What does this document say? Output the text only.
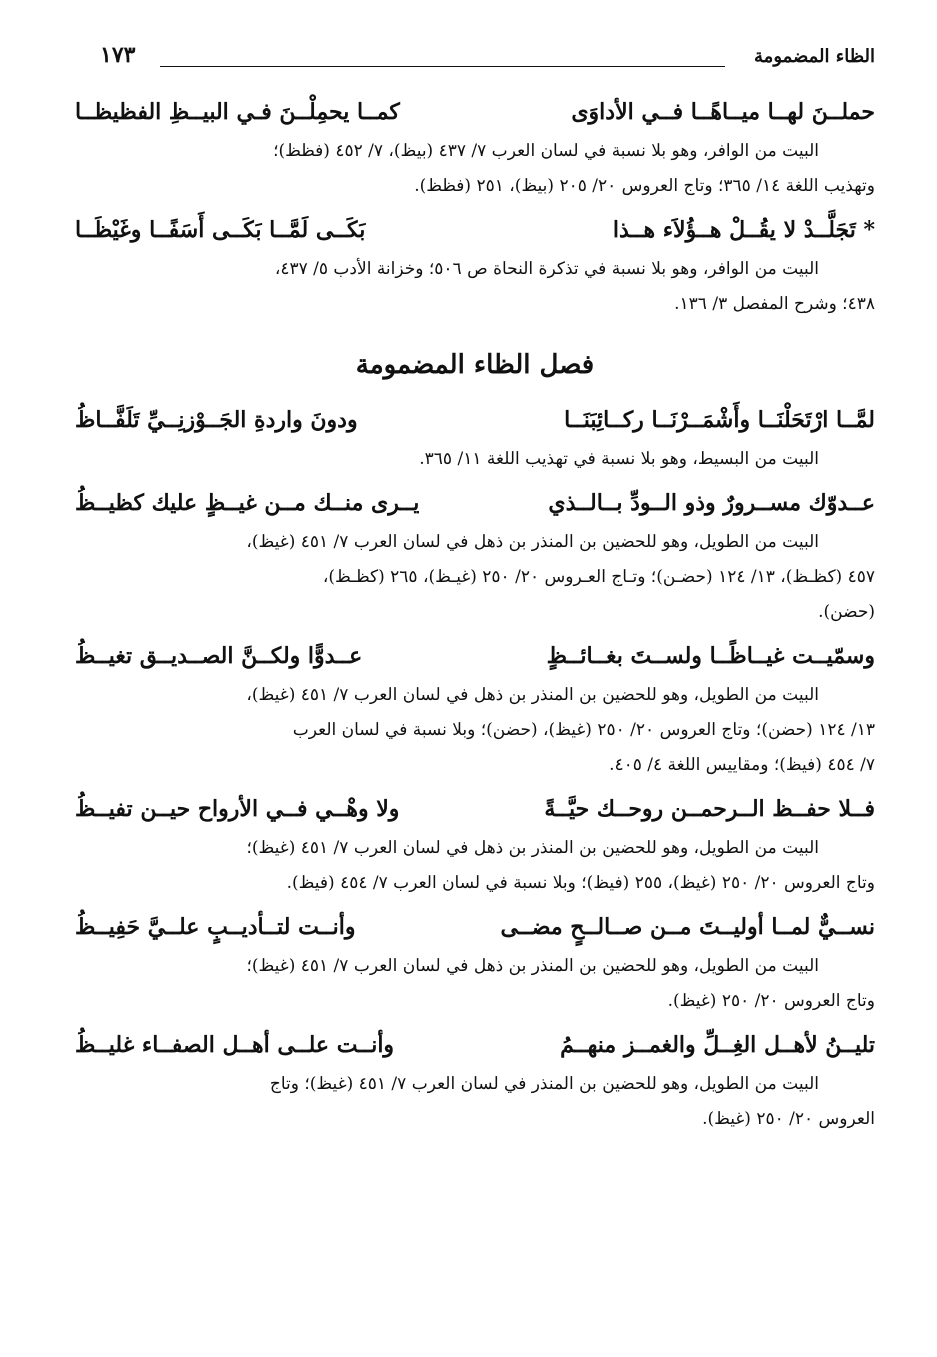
الظاء المضمومة
١٧٣
حملــنَ لهــا ميــاهًــا فــي الأداوَى
كمــا يحمِلْــنَ فـي البيــظِ الفظيظــا
البيت من الوافر، وهو بلا نسبة في لسان العرب ٧/ ٤٣٧ (بيظ)، ٧/ ٤٥٢ (فظظ)؛
وتهذيب اللغة ١٤/ ٣٦٥؛ وتاج العروس ٢٠/ ٢٠٥ (بيظ)، ٢٥١ (فظظ).
* تَجَلَّــدْ لا يقُــلْ هــؤُلاَء هــذا
بَكَــى لَمَّــا بَكَــى أَسَفًــا وغَيْظَــا
البيت من الوافر، وهو بلا نسبة في تذكرة النحاة ص ٥٠٦؛ وخزانة الأدب ٥/ ٤٣٧،
٤٣٨؛ وشرح المفصل ٣/ ١٣٦.
فصل الظاء المضمومة
لمَّــا ارْتَحَلْنَــا وأَشْمَــرْنَــا ركــائِبَنَــا
ودونَ واردةِ الجَــوْزنِــيِّ تَلَفَّــاظُ
البيت من البسيط، وهو بلا نسبة في تهذيب اللغة ١١/ ٣٦٥.
عــدوّك مســرورٌ وذو الــودِّ بــالــذي
يــرى منــك مــن غيــظٍ عليك كظيــظُ
البيت من الطويل، وهو للحضين بن المنذر بن ذهل في لسان العرب ٧/ ٤٥١ (غيظ)،
٤٥٧ (كظـظ)، ١٣/ ١٢٤ (حضـن)؛ وتـاج العـروس ٢٠/ ٢٥٠ (غيـظ)، ٢٦٥ (كظـظ)،
(حضن).
وسمّيــت غيــاظًــا ولســتَ بغــائــظٍ
عــدوًّا ولكــنَّ الصــديــق تغيــظُ
البيت من الطويل، وهو للحضين بن المنذر بن ذهل في لسان العرب ٧/ ٤٥١ (غيظ)،
١٣/ ١٢٤ (حضن)؛ وتاج العروس ٢٠/ ٢٥٠ (غيظ)، (حضن)؛ وبلا نسبة في لسان العرب
٧/ ٤٥٤ (فيظ)؛ ومقاييس اللغة ٤/ ٤٠٥.
فــلا حفــظ الــرحمــن روحــك حيَّــةً
ولا وهْــي فــي الأرواح حيــن تفيــظُ
البيت من الطويل، وهو للحضين بن المنذر بن ذهل في لسان العرب ٧/ ٤٥١ (غيظ)؛
وتاج العروس ٢٠/ ٢٥٠ (غيظ)، ٢٥٥ (فيظ)؛ وبلا نسبة في لسان العرب ٧/ ٤٥٤ (فيظ).
نســيٌّ لمــا أوليــتَ مــن صــالــحٍ مضــى
وأنــت لتــأديــبٍ علــيَّ حَفِيــظُ
البيت من الطويل، وهو للحضين بن المنذر بن ذهل في لسان العرب ٧/ ٤٥١ (غيظ)؛
وتاج العروس ٢٠/ ٢٥٠ (غيظ).
تليــنُ لأهــل الغِــلِّ والغمــز منهــمُ
وأنــت علــى أهــل الصفــاء غليــظُ
البيت من الطويل، وهو للحضين بن المنذر في لسان العرب ٧/ ٤٥١ (غيظ)؛ وتاج
العروس ٢٠/ ٢٥٠ (غيظ).
